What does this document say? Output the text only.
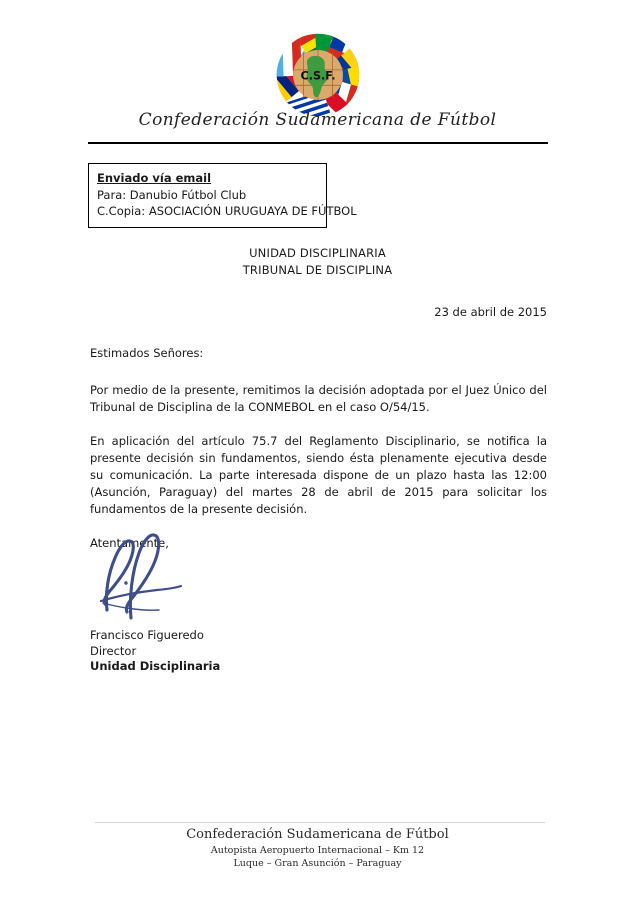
C.S.F.
Confederación Sudamericana de Fútbol
Enviado vía email
Para: Danubio Fútbol Club
C.Copia: ASOCIACIÓN URUGUAYA DE FÚTBOL
UNIDAD DISCIPLINARIA
TRIBUNAL DE DISCIPLINA
23 de abril de 2015

Estimados Señores:

Por medio de la presente, remitimos la decisión adoptada por el Juez Único del Tribunal de Disciplina de la CONMEBOL en el caso O/54/15.

En aplicación del artículo 75.7 del Reglamento Disciplinario, se notifica la presente decisión sin fundamentos, siendo ésta plenamente ejecutiva desde su comunicación. La parte interesada dispone de un plazo hasta las 12:00 (Asunción, Paraguay) del martes 28 de abril de 2015 para solicitar los fundamentos de la presente decisión.

Atentamente,

Francisco Figueredo
Director
Unidad Disciplinaria
Confederación Sudamericana de Fútbol
Autopista Aeropuerto Internacional – Km 12
Luque – Gran Asunción – Paraguay
